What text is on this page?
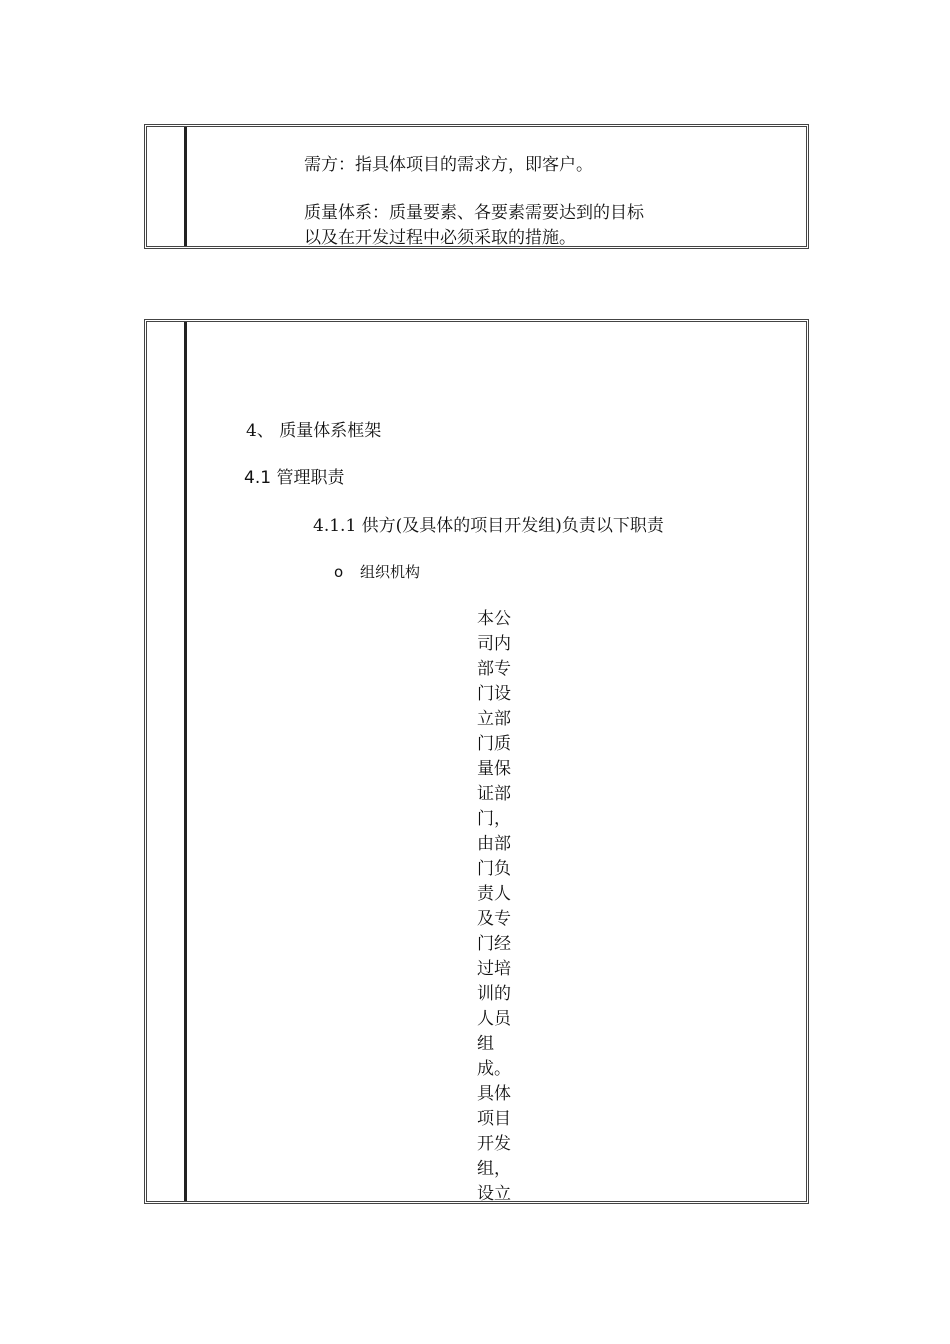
需方：指具体项目的需求方，即客户。
质量体系：质量要素、各要素需要达到的目标
以及在开发过程中必须采取的措施。
4、 质量体系框架
4.1 管理职责
4.1.1 供方(及具体的项目开发组)负责以下职责
o 组织机构
本公
司内
部专
门设
立部
门质
量保
证部
门，
由部
门负
责人
及专
门经
过培
训的
人员
组
成。
具体
项目
开发
组，
设立
